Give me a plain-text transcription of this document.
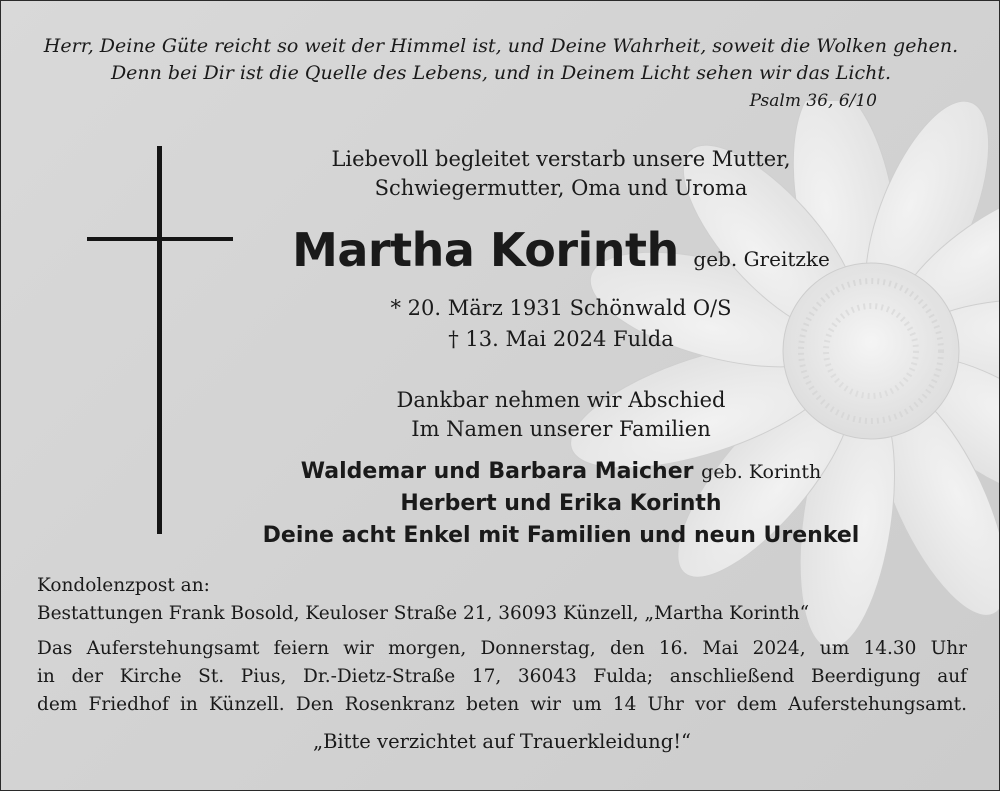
Herr, Deine Güte reicht so weit der Himmel ist, und Deine Wahrheit, soweit die Wolken gehen.
Denn bei Dir ist die Quelle des Lebens, und in Deinem Licht sehen wir das Licht.
Psalm 36, 6/10
Liebevoll begleitet verstarb unsere Mutter,
Schwiegermutter, Oma und Uroma
Martha Korinth geb. Greitzke
* 20. März 1931 Schönwald O/S
† 13. Mai 2024 Fulda
Dankbar nehmen wir Abschied
Im Namen unserer Familien
Waldemar und Barbara Maicher geb. Korinth
Herbert und Erika Korinth
Deine acht Enkel mit Familien und neun Urenkel
Kondolenzpost an:
Bestattungen Frank Bosold, Keuloser Straße 21, 36093 Künzell, „Martha Korinth“
Das Auferstehungsamt feiern wir morgen, Donnerstag, den 16. Mai 2024, um 14.30 Uhr
in der Kirche St. Pius, Dr.-Dietz-Straße 17, 36043 Fulda; anschließend Beerdigung auf
dem Friedhof in Künzell. Den Rosenkranz beten wir um 14 Uhr vor dem Auferstehungsamt.
„Bitte verzichtet auf Trauerkleidung!“
